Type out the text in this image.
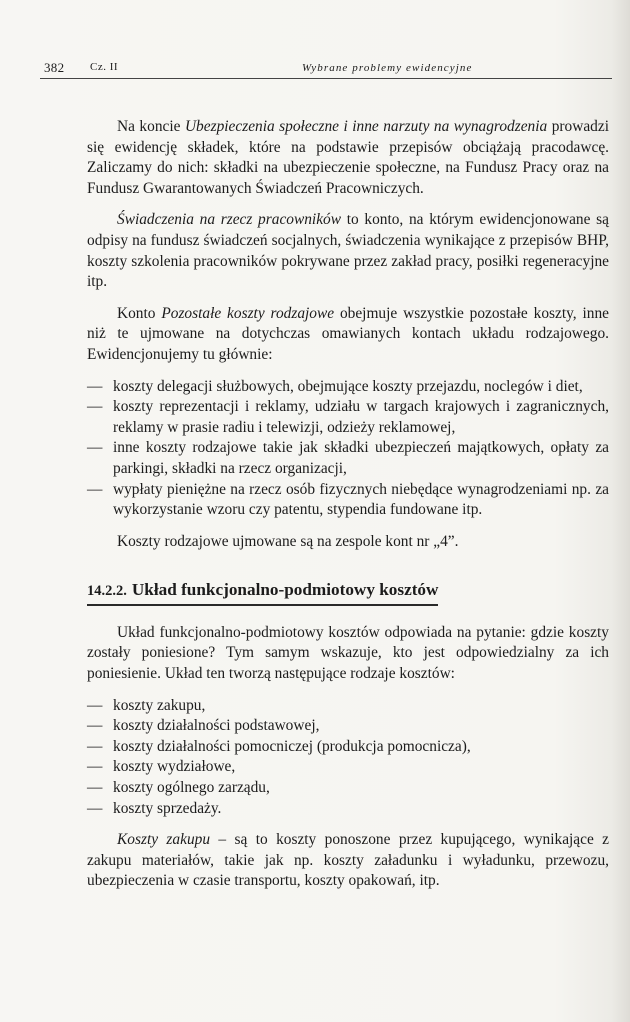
382 Cz. II	Wybrane problemy ewidencyjne

Na koncie Ubezpieczenia społeczne i inne narzuty na wynagrodzenia prowadzi się ewidencję składek, które na podstawie przepisów obciążają pracodawcę. Zaliczamy do nich: składki na ubezpieczenie społeczne, na Fundusz Pracy oraz na Fundusz Gwarantowanych Świadczeń Pracowniczych.

Świadczenia na rzecz pracowników to konto, na którym ewidencjonowane są odpisy na fundusz świadczeń socjalnych, świadczenia wynikające z przepisów BHP, koszty szkolenia pracowników pokrywane przez zakład pracy, posiłki regeneracyjne itp.

Konto Pozostałe koszty rodzajowe obejmuje wszystkie pozostałe koszty, inne niż te ujmowane na dotychczas omawianych kontach układu rodzajowego. Ewidencjonujemy tu głównie:

— koszty delegacji służbowych, obejmujące koszty przejazdu, noclegów i diet,
— koszty reprezentacji i reklamy, udziału w targach krajowych i zagranicznych, reklamy w prasie radiu i telewizji, odzieży reklamowej,
— inne koszty rodzajowe takie jak składki ubezpieczeń majątkowych, opłaty za parkingi, składki na rzecz organizacji,
— wypłaty pieniężne na rzecz osób fizycznych niebędące wynagrodzeniami np. za wykorzystanie wzoru czy patentu, stypendia fundowane itp.

Koszty rodzajowe ujmowane są na zespole kont nr „4”.

14.2.2. Układ funkcjonalno-podmiotowy kosztów

Układ funkcjonalno-podmiotowy kosztów odpowiada na pytanie: gdzie koszty zostały poniesione? Tym samym wskazuje, kto jest odpowiedzialny za ich poniesienie. Układ ten tworzą następujące rodzaje kosztów:

— koszty zakupu,
— koszty działalności podstawowej,
— koszty działalności pomocniczej (produkcja pomocnicza),
— koszty wydziałowe,
— koszty ogólnego zarządu,
— koszty sprzedaży.

Koszty zakupu – są to koszty ponoszone przez kupującego, wynikające z zakupu materiałów, takie jak np. koszty załadunku i wyładunku, przewozu, ubezpieczenia w czasie transportu, koszty opakowań, itp.
